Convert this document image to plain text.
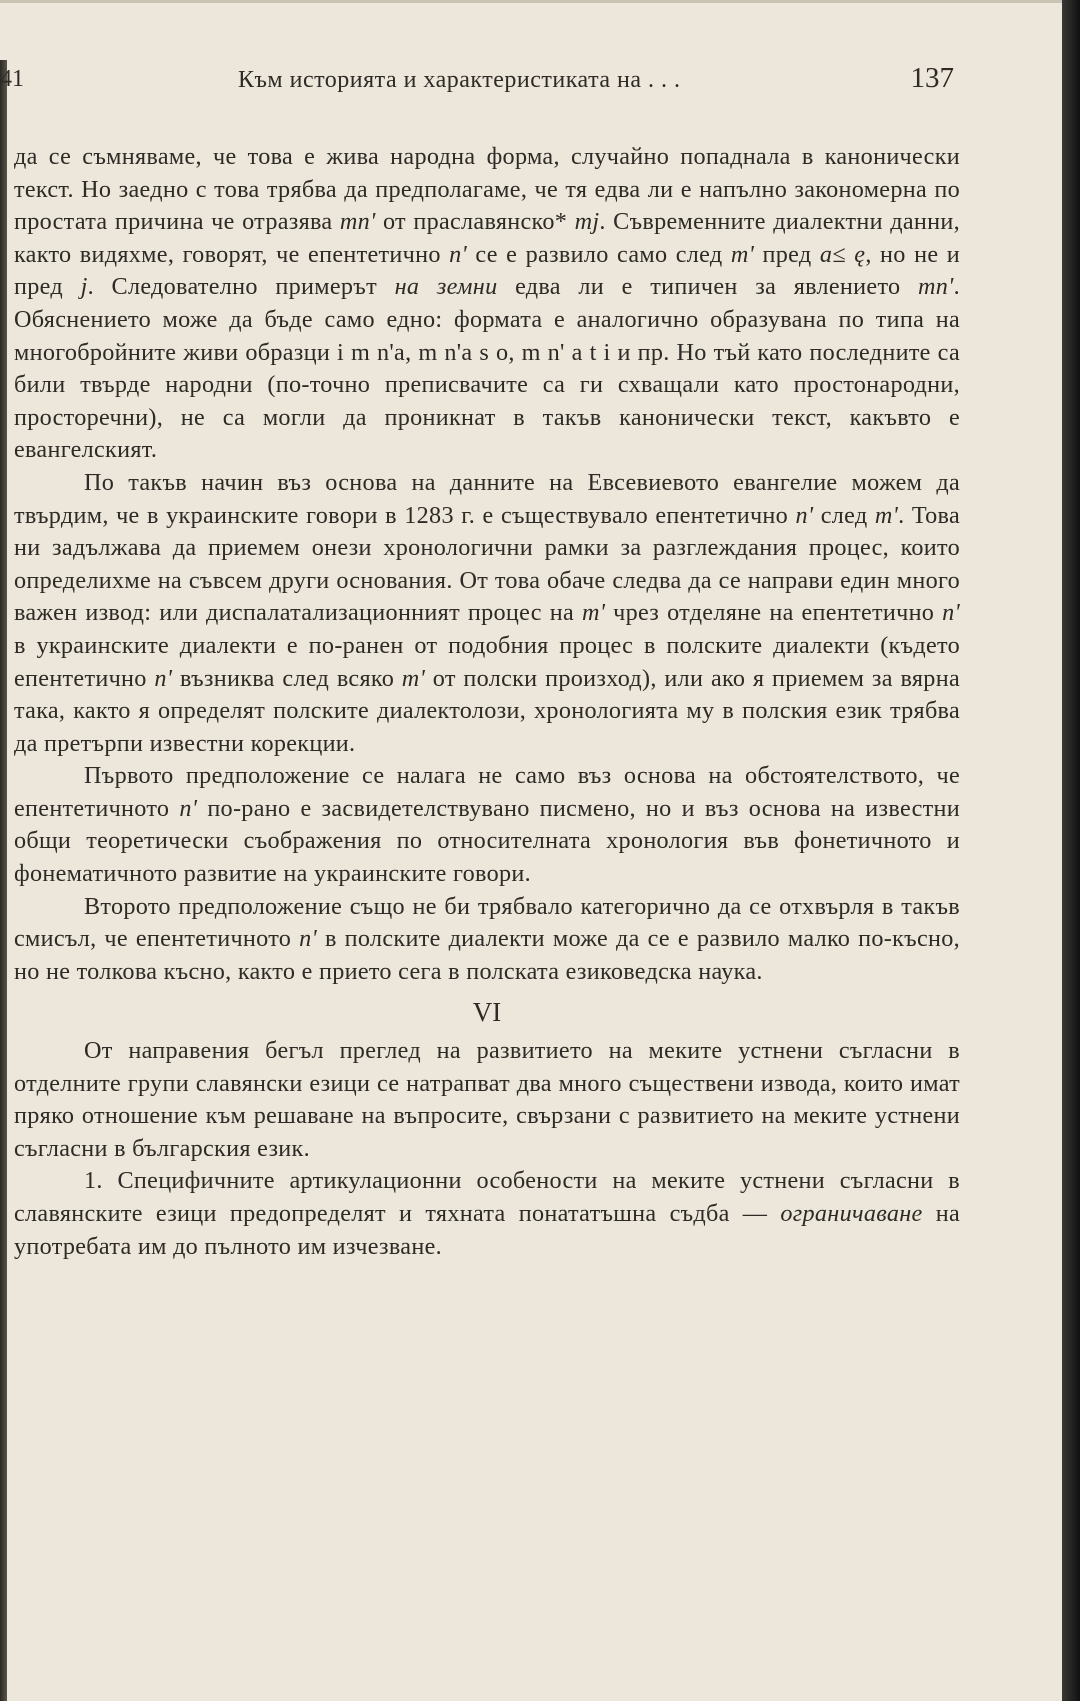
41	Към историята и характеристиката на . . .	137

да се съмняваме, че това е жива народна форма, случайно попаднала в канонически текст. Но заедно с това трябва да предполагаме, че тя едва ли е напълно закономерна по простата причина че отразява mn' от праславянско* mj. Съвременните диалектни данни, както видяхме, говорят, че епентетично n' се е развило само след m' пред a≤ ę, но не и пред j. Следователно примерът на земни едва ли е типичен за явлението mn'. Обяснението може да бъде само едно: формата е аналогично образувана по типа на многобройните живи образци i m n'a, m n'a s o, m n' a t i и пр. Но тъй като последните са били твърде народни (по-точно преписвачите са ги схващали като простонародни, просторечни), не са могли да проникнат в такъв канонически текст, какъвто е евангелският.

По такъв начин въз основа на данните на Евсевиевото евангелие можем да твърдим, че в украинските говори в 1283 г. е съществувало епентетично n' след m'. Това ни задължава да приемем онези хронологични рамки за разглеждания процес, които определихме на съвсем други основания. От това обаче следва да се направи един много важен извод: или диспалатализационният процес на m' чрез отделяне на епентетично n' в украинските диалекти е по-ранен от подобния процес в полските диалекти (където епентетично n' възниква след всяко m' от полски произход), или ако я приемем за вярна така, както я определят полските диалектолози, хронологията му в полския език трябва да претърпи известни корекции.

Първото предположение се налага не само въз основа на обстоятелството, че епентетичното n' по-рано е засвидетелствувано писмено, но и въз основа на известни общи теоретически съображения по относителната хронология във фонетичното и фонематичното развитие на украинските говори.

Второто предположение също не би трябвало категорично да се отхвърля в такъв смисъл, че епентетичното n' в полските диалекти може да се е развило малко по-късно, но не толкова късно, както е прието сега в полската езиковедска наука.

VI

От направения бегъл преглед на развитието на меките устнени съгласни в отделните групи славянски езици се натрапват два много съществени извода, които имат пряко отношение към решаване на въпросите, свързани с развитието на меките устнени съгласни в българския език.

1. Специфичните артикулационни особености на меките устнени съгласни в славянските езици предопределят и тяхната понататъшна съдба — ограничаване на употребата им до пълното им изчезване.
